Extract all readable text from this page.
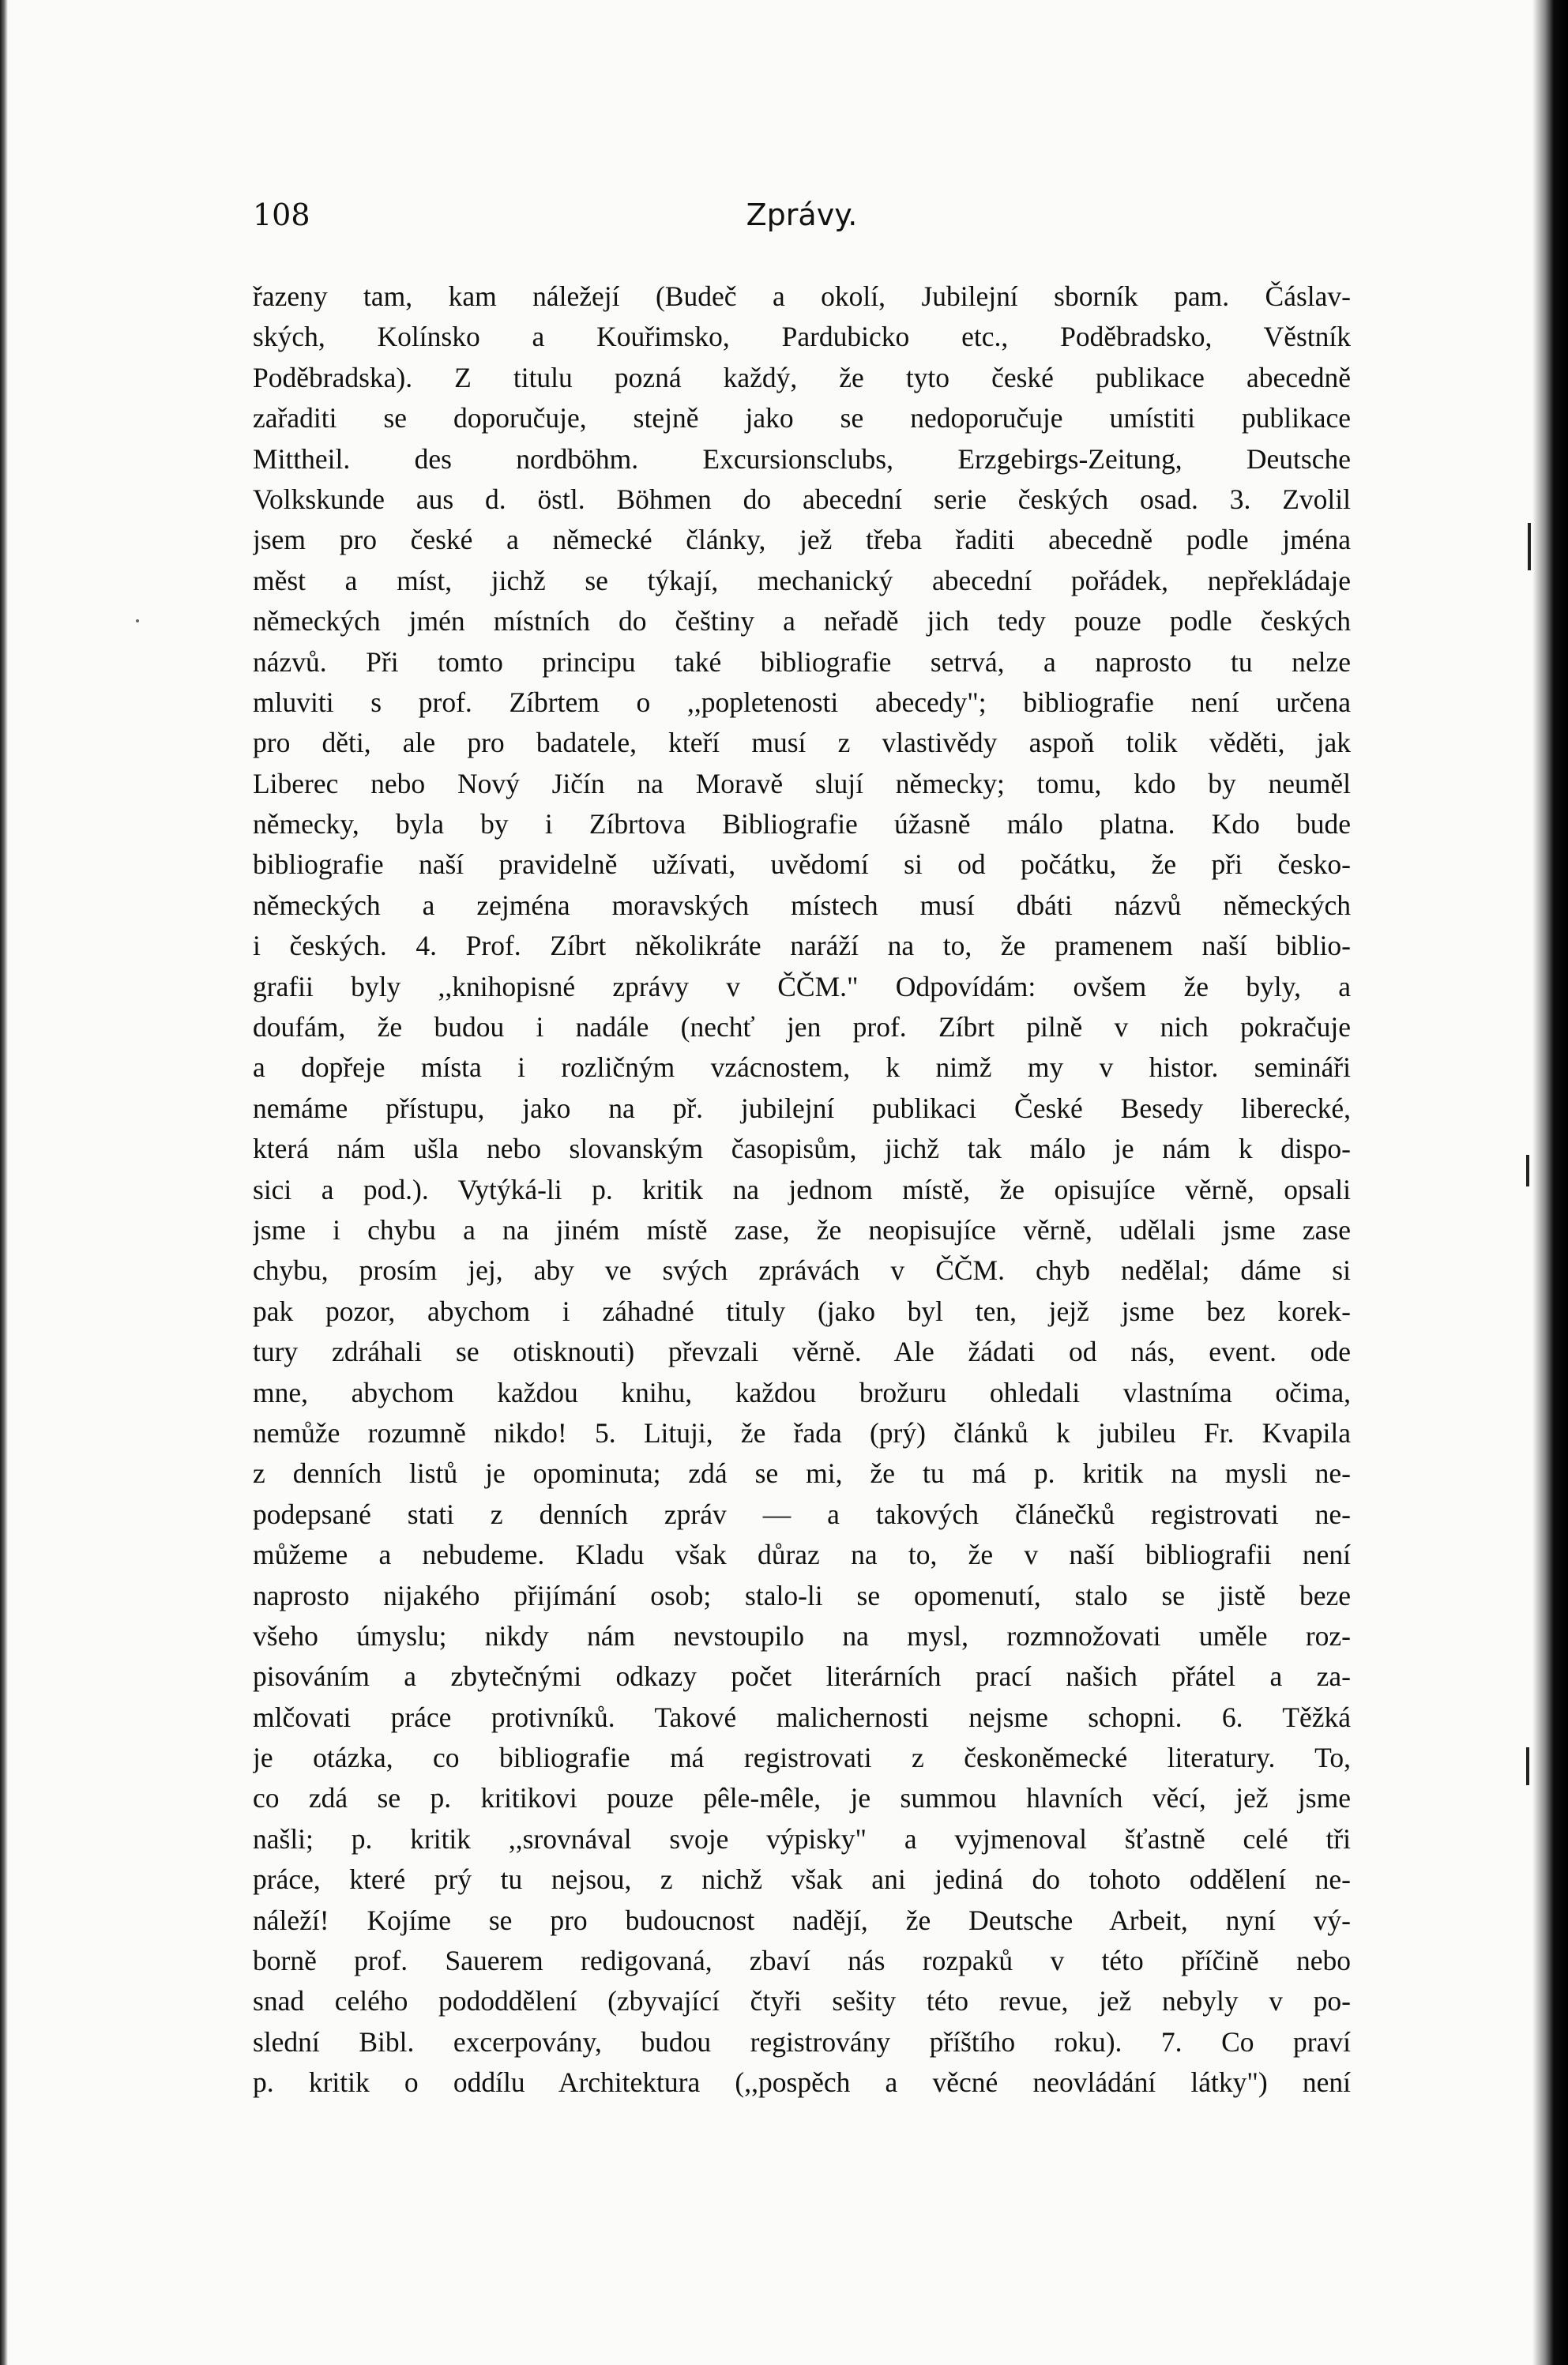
108	Zprávy.
řazeny tam, kam náležejí (Budeč a okolí, Jubilejní sborník pam. Čáslav-
ských, Kolínsko a Kouřimsko, Pardubicko etc., Poděbradsko, Věstník
Poděbradska). Z titulu pozná každý, že tyto české publikace abecedně
zařaditi se doporučuje, stejně jako se nedoporučuje umístiti publikace
Mittheil. des nordböhm. Excursionsclubs, Erzgebirgs-Zeitung, Deutsche
Volkskunde aus d. östl. Böhmen do abecední serie českých osad. 3. Zvolil
jsem pro české a německé články, jež třeba řaditi abecedně podle jména
měst a míst, jichž se týkají, mechanický abecední pořádek, nepřekládaje
německých jmén místních do češtiny a neřadě jich tedy pouze podle českých
názvů. Při tomto principu také bibliografie setrvá, a naprosto tu nelze
mluviti s prof. Zíbrtem o ,,popletenosti abecedy"; bibliografie není určena
pro děti, ale pro badatele, kteří musí z vlastivědy aspoň tolik věděti, jak
Liberec nebo Nový Jičín na Moravě slují německy; tomu, kdo by neuměl
německy, byla by i Zíbrtova Bibliografie úžasně málo platna. Kdo bude
bibliografie naší pravidelně užívati, uvědomí si od počátku, že při česko-
německých a zejména moravských místech musí dbáti názvů německých
i českých. 4. Prof. Zíbrt několikráte naráží na to, že pramenem naší biblio-
grafii byly ,,knihopisné zprávy v ČČM." Odpovídám: ovšem že byly, a
doufám, že budou i nadále (nechť jen prof. Zíbrt pilně v nich pokračuje
a dopřeje místa i rozličným vzácnostem, k nimž my v histor. semináři
nemáme přístupu, jako na př. jubilejní publikaci České Besedy liberecké,
která nám ušla nebo slovanským časopisům, jichž tak málo je nám k dispo-
sici a pod.). Vytýká-li p. kritik na jednom místě, že opisujíce věrně, opsali
jsme i chybu a na jiném místě zase, že neopisujíce věrně, udělali jsme zase
chybu, prosím jej, aby ve svých zprávách v ČČM. chyb nedělal; dáme si
pak pozor, abychom i záhadné tituly (jako byl ten, jejž jsme bez korek-
tury zdráhali se otisknouti) převzali věrně. Ale žádati od nás, event. ode
mne, abychom každou knihu, každou brožuru ohledali vlastníma očima,
nemůže rozumně nikdo! 5. Lituji, že řada (prý) článků k jubileu Fr. Kvapila
z denních listů je opominuta; zdá se mi, že tu má p. kritik na mysli ne-
podepsané stati z denních zpráv — a takových článečků registrovati ne-
můžeme a nebudeme. Kladu však důraz na to, že v naší bibliografii není
naprosto nijakého přijímání osob; stalo-li se opomenutí, stalo se jistě beze
všeho úmyslu; nikdy nám nevstoupilo na mysl, rozmnožovati uměle roz-
pisováním a zbytečnými odkazy počet literárních prací našich přátel a za-
mlčovati práce protivníků. Takové malichernosti nejsme schopni. 6. Těžká
je otázka, co bibliografie má registrovati z českoněmecké literatury. To,
co zdá se p. kritikovi pouze pêle-mêle, je summou hlavních věcí, jež jsme
našli; p. kritik ,,srovnával svoje výpisky" a vyjmenoval šťastně celé tři
práce, které prý tu nejsou, z nichž však ani jediná do tohoto oddělení ne-
náleží! Kojíme se pro budoucnost nadějí, že Deutsche Arbeit, nyní vý-
borně prof. Sauerem redigovaná, zbaví nás rozpaků v této příčině nebo
snad celého pododdělení (zbyvající čtyři sešity této revue, jež nebyly v po-
slední Bibl. excerpovány, budou registrovány příštího roku). 7. Co praví
p. kritik o oddílu Architektura (,,pospěch a věcné neovládání látky") není
